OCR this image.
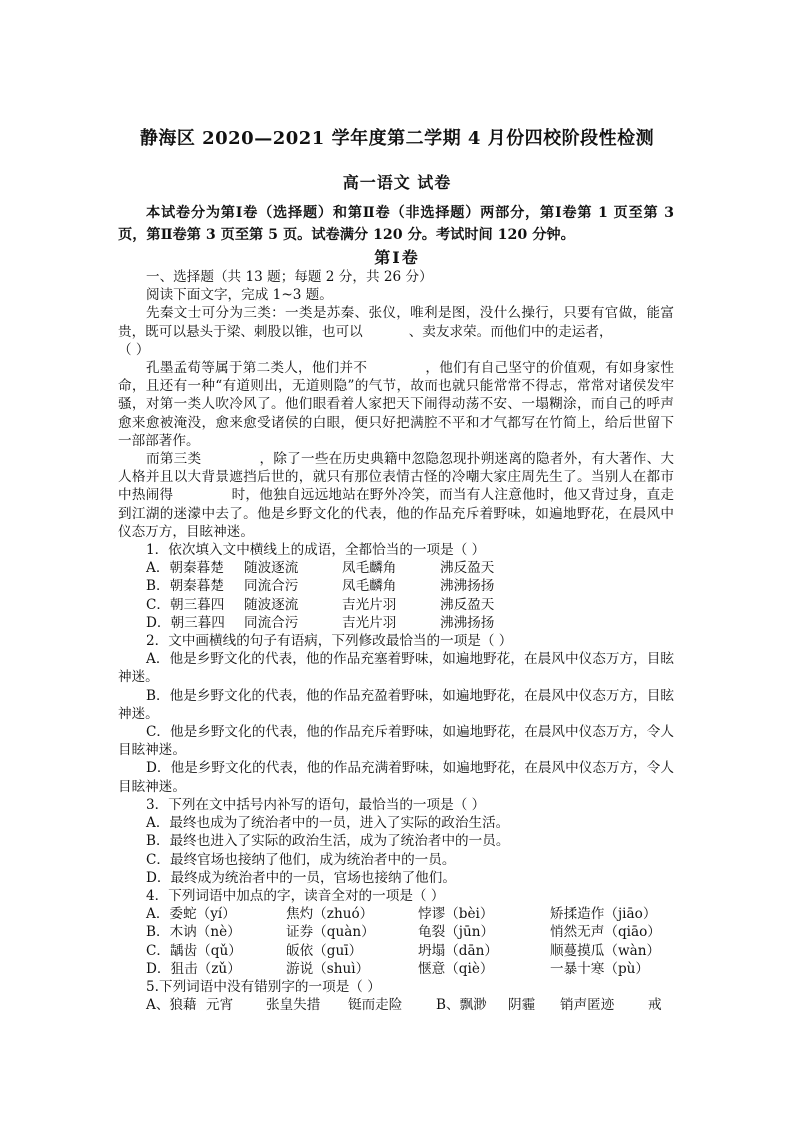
静海区 2020—2021 学年度第二学期 4 月份四校阶段性检测
高一语文 试卷
本试卷分为第Ⅰ卷（选择题）和第Ⅱ卷（非选择题）两部分，第Ⅰ卷第 1 页至第 3 页，第Ⅱ卷第 3 页至第 5 页。试卷满分 120 分。考试时间 120 分钟。
第Ⅰ卷

一、选择题（共 13 题；每题 2 分，共 26 分）

阅读下面文字，完成 1~3 题。

先秦文士可分为三类：一类是苏秦、张仪，唯利是图，没什么操行，只要有官做，能富贵，既可以悬头于梁、刺股以锥，也可以	、卖友求荣。而他们中的走运者，
（ ）

孔墨孟荀等属于第二类人，他们并不	，他们有自己坚守的价值观，有如身家性命，且还有一种“有道则出，无道则隐”的气节，故而也就只能常常不得志，常常对诸侯发牢骚，对第一类人吹冷风了。他们眼看着人家把天下闹得动荡不安、一塌糊涂，而自己的呼声愈来愈被淹没，愈来愈受诸侯的白眼，便只好把满腔不平和才气都写在竹简上，给后世留下一部部著作。

而第三类	，除了一些在历史典籍中忽隐忽现扑朔迷离的隐者外，有大著作、大人格并且以大背景遮挡后世的，就只有那位表情古怪的冷嘲大家庄周先生了。当别人在都市中热闹得	时，他独自远远地站在野外冷笑，而当有人注意他时，他又背过身，直走到江湖的迷濛中去了。他是乡野文化的代表，他的作品充斥着野味，如遍地野花，在晨风中仪态万方，目眩神迷。

1．依次填入文中横线上的成语，全都恰当的一项是（ ）

A．朝秦暮楚	随波逐流	凤毛麟角	沸反盈天
B．朝秦暮楚	同流合污	凤毛麟角	沸沸扬扬
C．朝三暮四	随波逐流	吉光片羽	沸反盈天
D．朝三暮四	同流合污	吉光片羽	沸沸扬扬

2．文中画横线的句子有语病，下列修改最恰当的一项是（ ）

A．他是乡野文化的代表，他的作品充塞着野味，如遍地野花，在晨风中仪态万方，目眩神迷。

B．他是乡野文化的代表，他的作品充盈着野味，如遍地野花，在晨风中仪态万方，目眩神迷。

C．他是乡野文化的代表，他的作品充斥着野味，如遍地野花，在晨风中仪态万方，令人目眩神迷。

D．他是乡野文化的代表，他的作品充满着野味，如遍地野花，在晨风中仪态万方，令人目眩神迷。

3．下列在文中括号内补写的语句，最恰当的一项是（ ）

A．最终也成为了统治者中的一员，进入了实际的政治生活。

B．最终也进入了实际的政治生活，成为了统治者中的一员。

C．最终官场也接纳了他们，成为统治者中的一员。

D．最终成为统治者中的一员，官场也接纳了他们。

4．下列词语中加点的字，读音全对的一项是（ ）

A．委蛇（yí）	焦灼（zhuó）	悖谬（bèi）	矫揉造作（jiāo）
B．木讷（nè）	证券（quàn）	龟裂（jūn）	悄然无声（qiāo）
C．龋齿（qǔ）	皈依（guī）	坍塌（dān）	顺蔓摸瓜（wàn）
D．狙击（zǔ）	游说（shuì）	惬意（qiè）	一暴十寒（pù）

5.下列词语中没有错别字的一项是（ ）

A、狼藉 元宵	张皇失措	铤而走险	B、飘渺	阴霾	销声匿迹	戒
